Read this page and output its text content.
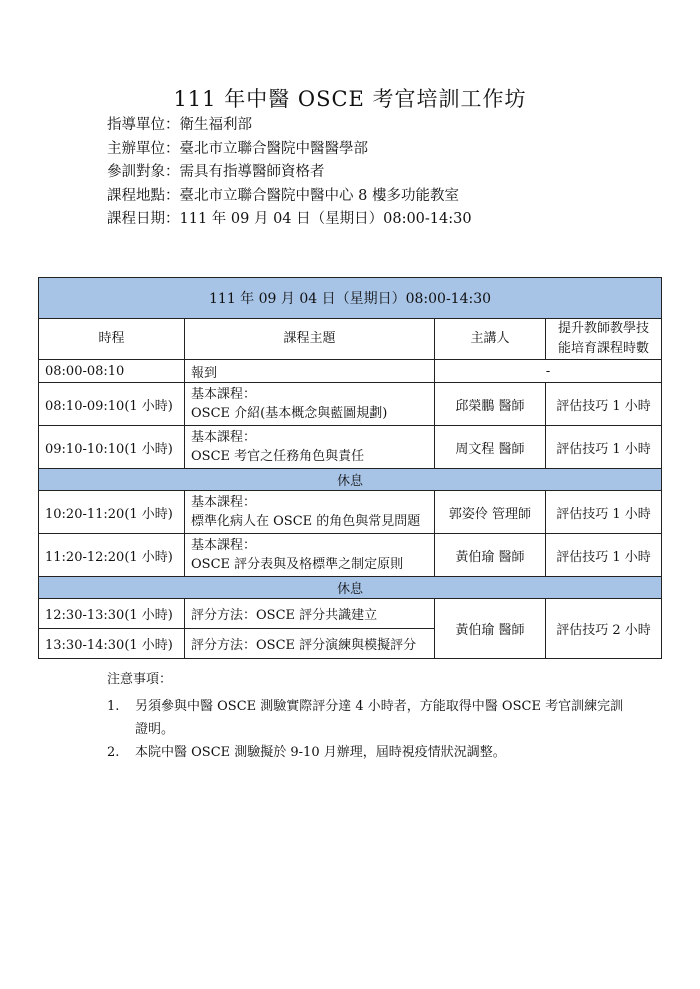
111 年中醫 OSCE 考官培訓工作坊
指導單位：衛生福利部
主辦單位：臺北市立聯合醫院中醫醫學部
參訓對象：需具有指導醫師資格者
課程地點：臺北市立聯合醫院中醫中心 8 樓多功能教室
課程日期：111 年 09 月 04 日（星期日）08:00-14:30
111 年 09 月 04 日（星期日）08:00-14:30			
時程	課程主題	主講人	提升教師教學技
能培育課程時數

08:00-08:10	報到	-	
08:10-09:10(1 小時)	基本課程：
OSCE 介紹(基本概念與藍圖規劃)	邱榮鵬 醫師	評估技巧 1 小時
09:10-10:10(1 小時)	基本課程：
OSCE 考官之任務角色與責任	周文程 醫師	評估技巧 1 小時
休息			
10:20-11:20(1 小時)	基本課程：
標準化病人在 OSCE 的角色與常見問題	郭姿伶 管理師	評估技巧 1 小時
11:20-12:20(1 小時)	基本課程：
OSCE 評分表與及格標準之制定原則	黃伯瑜 醫師	評估技巧 1 小時
休息			
12:30-13:30(1 小時)	評分方法：OSCE 評分共識建立	黃伯瑜 醫師	評估技巧 2 小時
13:30-14:30(1 小時)	評分方法：OSCE 評分演練與模擬評分		
注意事項：
1. 另須參與中醫 OSCE 測驗實際評分達 4 小時者，方能取得中醫 OSCE 考官訓練完訓證明。
2. 本院中醫 OSCE 測驗擬於 9-10 月辦理，屆時視疫情狀況調整。
